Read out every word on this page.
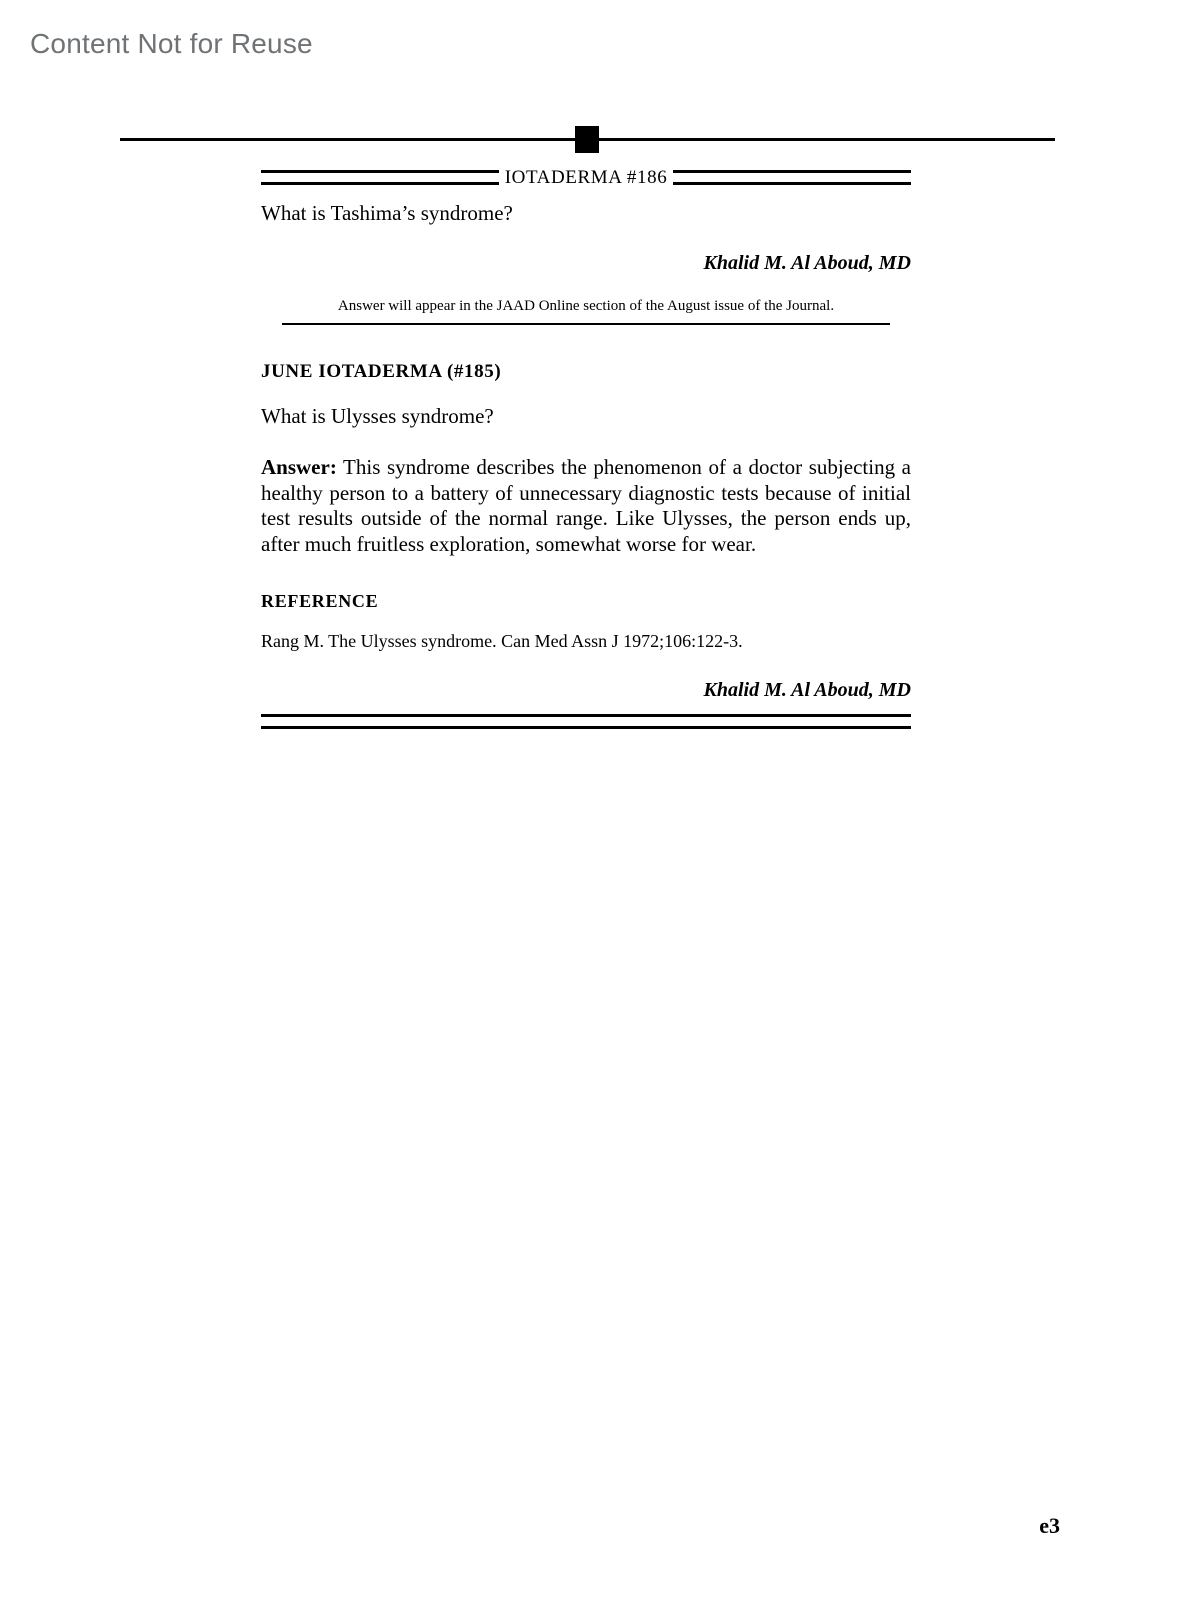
Content Not for Reuse
IOTADERMA #186

What is Tashima’s syndrome?

Khalid M. Al Aboud, MD

Answer will appear in the JAAD Online section of the August issue of the Journal.

JUNE IOTADERMA (#185)

What is Ulysses syndrome?

Answer: This syndrome describes the phenomenon of a doctor subjecting a healthy person to a battery of unnecessary diagnostic tests because of initial test results outside of the normal range. Like Ulysses, the person ends up, after much fruitless exploration, somewhat worse for wear.

REFERENCE

Rang M. The Ulysses syndrome. Can Med Assn J 1972;106:122-3.

Khalid M. Al Aboud, MD

e3
